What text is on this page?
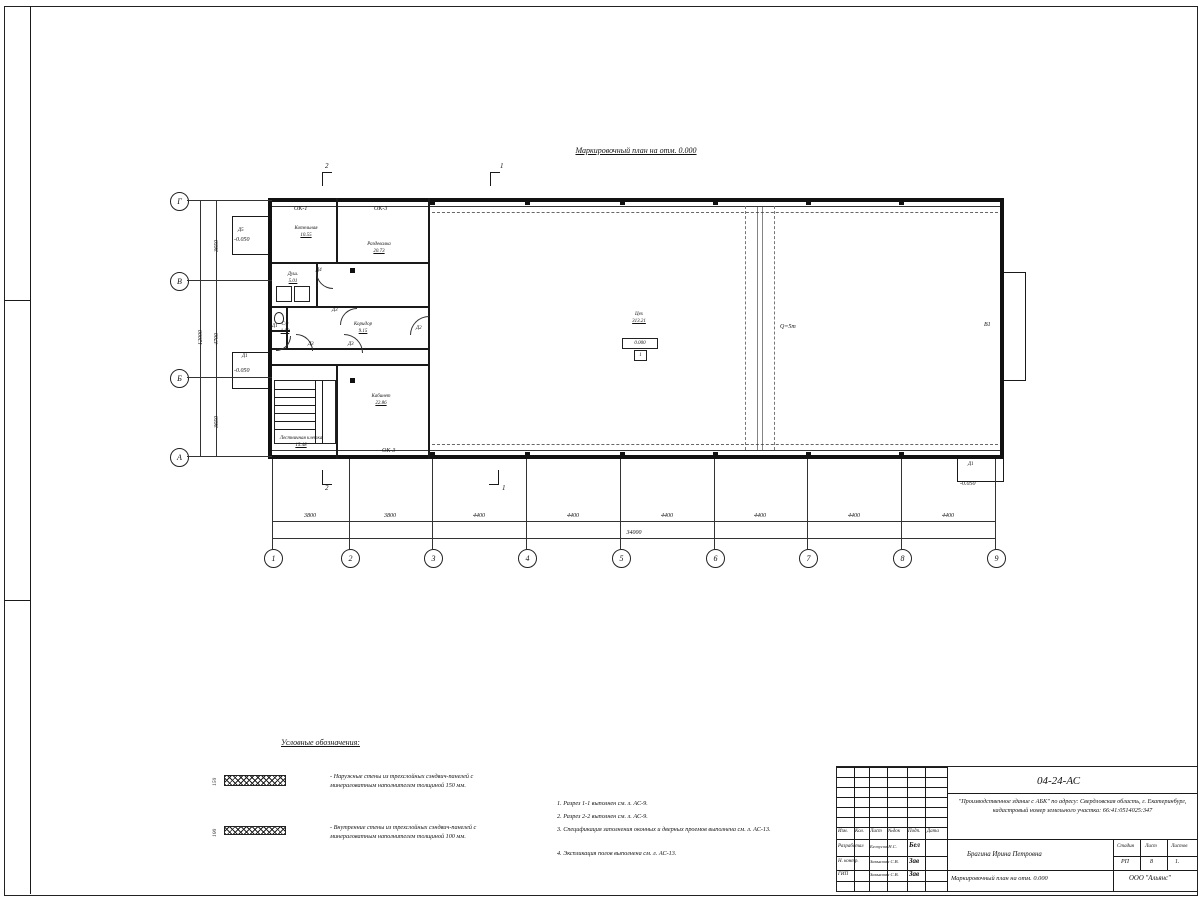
Маркировочный план на отм. 0.000
Q=5т
Котельная
10.55
Душ.
5.01
Раздевалка
20.73
Коридор
9.15
С/у
1.80
Кабинет
22.86
Лестничная клетка
15.48
Цех
313.21
0.000
1
-0.050
-0.050
-0.050
ОК-1	ОК-3
ОК-3
Д5
Д4
Д3
Д3	Д3
Д2
Д1
Д1
Д1
В1
Г
В
Б
А
1	2	3	4	5	6	7	8	9
3800	3800	4400	4400	4400	4400	4400	4400
34000
3650
4700
3650
12000
2	1
2	1
Условные обозначения:
150
- Наружные стены из трехслойных сэндвич-панелей с минераловатным наполнителем толщиной 150 мм.
100
- Внутренние стены из трехслойных сэндвич-панелей с минераловатным наполнителем толщиной 100 мм.
1. Разрез 1-1 выполнен см. л. АС-9.
2. Разрез 2-2 выполнен см. л. АС-9.
3. Спецификация заполнения оконных и дверных проемов выполнена см. л. АС-13.
4. Экспликация полов выполнена см. л. АС-13.
Изм. Кол. Лист №док Подп. Дата
Разработал Белоусов Н.С. Бел
Н. контр. Завьялова С.В. Зав
ГИП	Завьялова С.В. Зав
04-24-АС
"Производственное здание с АБК" по адресу: Свердловская область, г. Екатеринбург, кадастровый номер земельного участка: 66:41:0514025:347
Брагина Ирина Петровна
Маркировочный план на отм. 0.000	ООО "Альянс"
Стадия Лист	Листов
РП	8	1.
